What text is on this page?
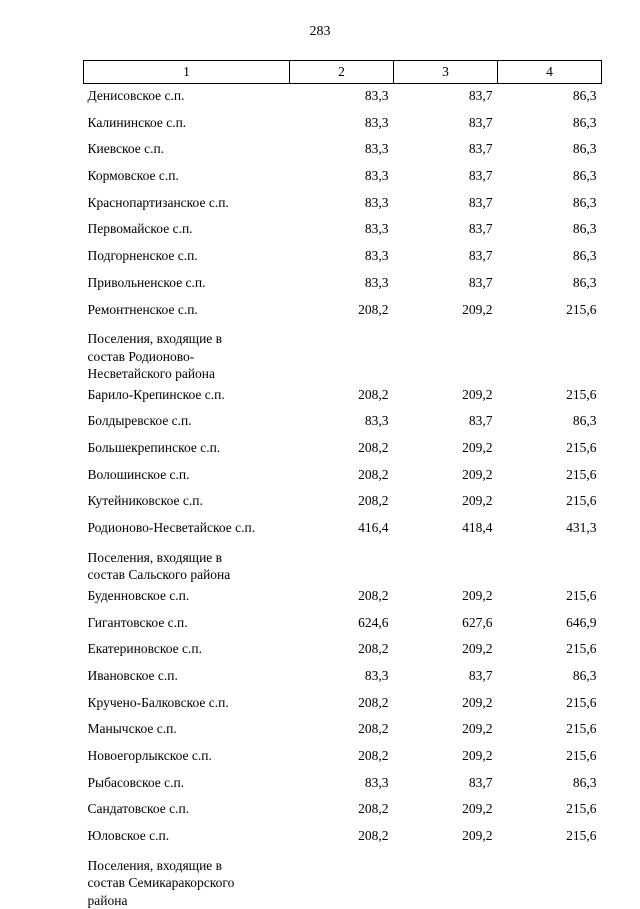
283
1	2	3	4
Денисовское с.п.	83,3	83,7	86,3
Калининское с.п.	83,3	83,7	86,3
Киевское с.п.	83,3	83,7	86,3
Кормовское с.п.	83,3	83,7	86,3
Краснопартизанское с.п.	83,3	83,7	86,3
Первомайское с.п.	83,3	83,7	86,3
Подгорненское с.п.	83,3	83,7	86,3
Привольненское с.п.	83,3	83,7	86,3
Ремонтненское с.п.	208,2	209,2	215,6

Поселения, входящие в
состав Родионово-
Несветайского района			

Барило-Крепинское с.п.	208,2	209,2	215,6
Болдыревское с.п.	83,3	83,7	86,3
Большекрепинское с.п.	208,2	209,2	215,6
Волошинское с.п.	208,2	209,2	215,6
Кутейниковское с.п.	208,2	209,2	215,6
Родионово-Несветайское с.п.	416,4	418,4	431,3

Поселения, входящие в
состав Сальского района			

Буденновское с.п.	208,2	209,2	215,6
Гигантовское с.п.	624,6	627,6	646,9
Екатериновское с.п.	208,2	209,2	215,6
Ивановское с.п.	83,3	83,7	86,3
Кручено-Балковское с.п.	208,2	209,2	215,6
Манычское с.п.	208,2	209,2	215,6
Новоегорлыкское с.п.	208,2	209,2	215,6
Рыбасовское с.п.	83,3	83,7	86,3
Сандатовское с.п.	208,2	209,2	215,6
Юловское с.п.	208,2	209,2	215,6

Поселения, входящие в
состав Семикаракорского
района			
